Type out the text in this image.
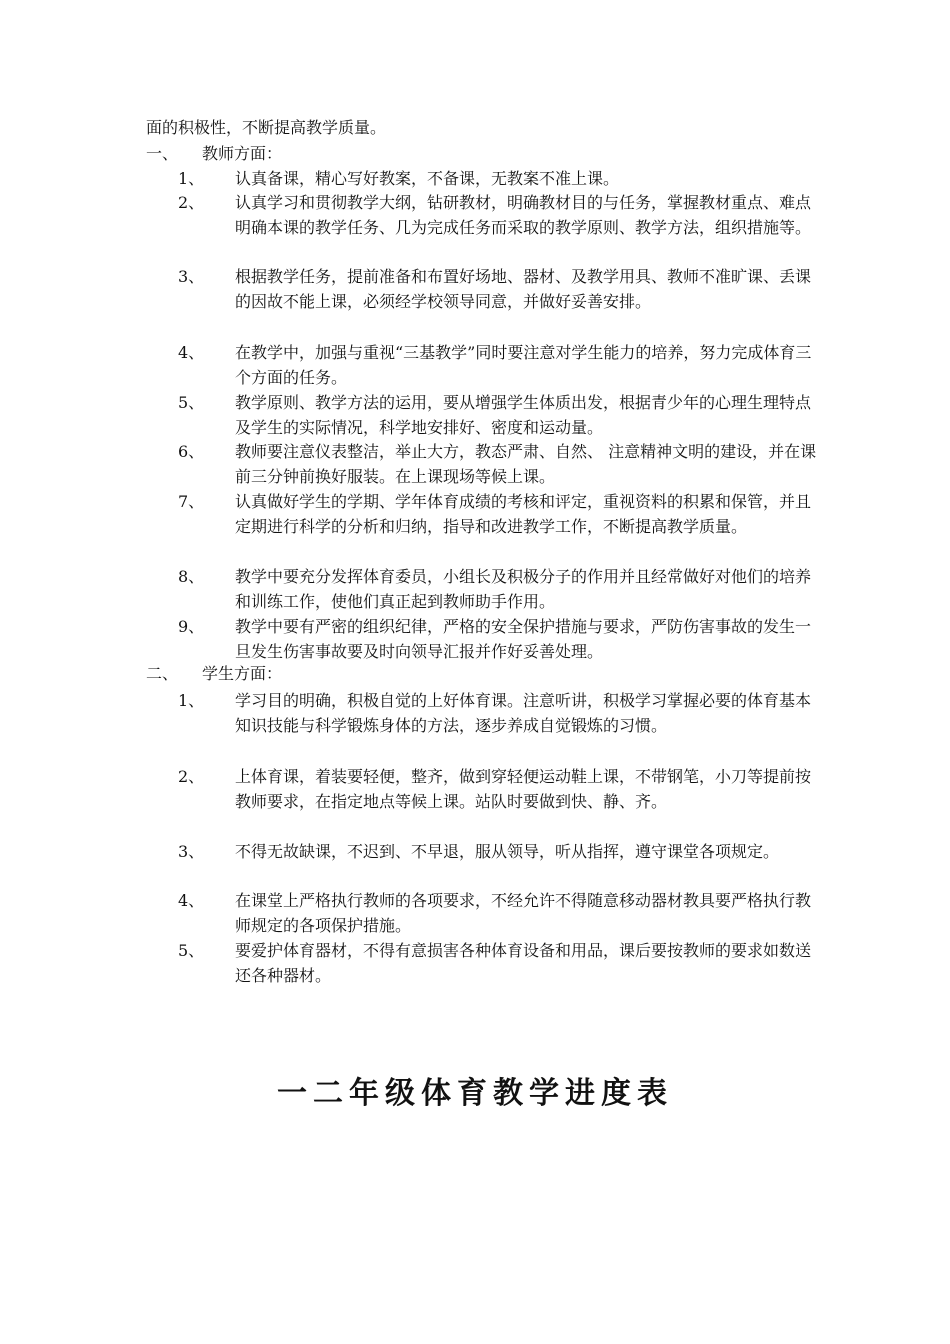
面的积极性，不断提高教学质量。
一、 教师方面：
1、	认真备课，精心写好教案，不备课，无教案不准上课。
2、	认真学习和贯彻教学大纲，钻研教材，明确教材目的与任务，掌握教材重点、难点明确本课的教学任务、几为完成任务而采取的教学原则、教学方法，组织措施等。
3、	根据教学任务，提前准备和布置好场地、器材、及教学用具、教师不准旷课、丢课的因故不能上课，必须经学校领导同意，并做好妥善安排。
4、	在教学中，加强与重视“三基教学”同时要注意对学生能力的培养，努力完成体育三个方面的任务。
5、	教学原则、教学方法的运用，要从增强学生体质出发，根据青少年的心理生理特点及学生的实际情况，科学地安排好、密度和运动量。
6、	教师要注意仪表整洁，举止大方，教态严肃、自然、 注意精神文明的建设，并在课前三分钟前换好服装。在上课现场等候上课。
7、	认真做好学生的学期、学年体育成绩的考核和评定，重视资料的积累和保管，并且定期进行科学的分析和归纳，指导和改进教学工作，不断提高教学质量。
8、	教学中要充分发挥体育委员，小组长及积极分子的作用并且经常做好对他们的培养和训练工作，使他们真正起到教师助手作用。
9、	教学中要有严密的组织纪律，严格的安全保护措施与要求，严防伤害事故的发生一旦发生伤害事故要及时向领导汇报并作好妥善处理。
二、 学生方面：
1、	学习目的明确，积极自觉的上好体育课。注意听讲，积极学习掌握必要的体育基本知识技能与科学锻炼身体的方法，逐步养成自觉锻炼的习惯。
2、	上体育课，着装要轻便，整齐，做到穿轻便运动鞋上课，不带钢笔，小刀等提前按教师要求，在指定地点等候上课。站队时要做到快、静、齐。
3、	不得无故缺课，不迟到、不早退，服从领导，听从指挥，遵守课堂各项规定。
4、	在课堂上严格执行教师的各项要求，不经允许不得随意移动器材教具要严格执行教师规定的各项保护措施。
5、	要爱护体育器材，不得有意损害各种体育设备和用品，课后要按教师的要求如数送还各种器材。
一二年级体育教学进度表
